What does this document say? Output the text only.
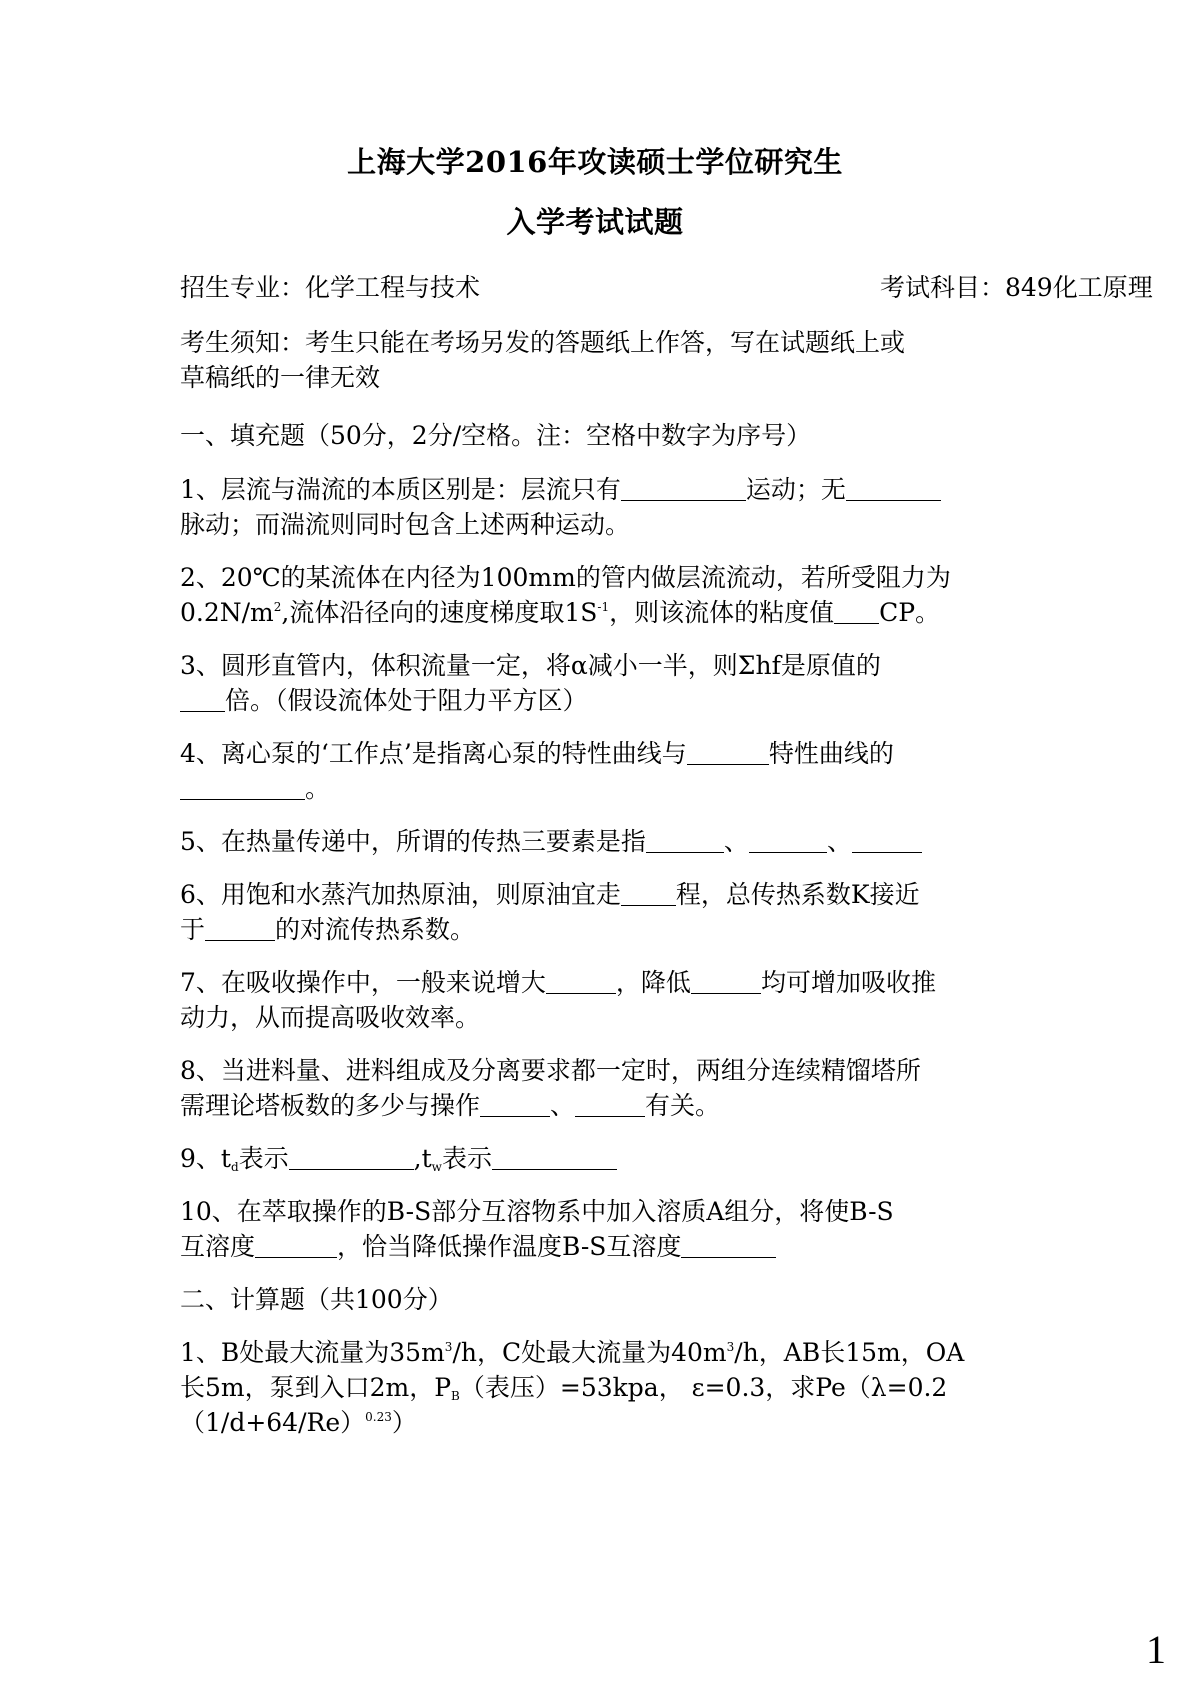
上海大学2016年攻读硕士学位研究生
入学考试试题
招生专业：化学工程与技术	考试科目：849化工原理
考生须知：考生只能在考场另发的答题纸上作答，写在试题纸上或
草稿纸的一律无效
一、填充题（50分，2分/空格。注：空格中数字为序号）
1、层流与湍流的本质区别是：层流只有	运动；无
脉动；而湍流则同时包含上述两种运动。
2、20℃的某流体在内径为100mm的管内做层流流动，若所受阻力为
$0.2N/m^2$,流体沿径向的速度梯度取$1S^{-1}$，则该流体的粘度值 CP。
3、圆形直管内，体积流量一定，将α减小一半，则Σhf是原值的
倍。（假设流体处于阻力平方区）
4、离心泵的‘工作点’是指离心泵的特性曲线与	特性曲线的
。
5、在热量传递中，所谓的传热三要素是指	、	、
6、用饱和水蒸汽加热原油，则原油宜走 程，总传热系数K接近
于	的对流传热系数。
7、在吸收操作中，一般来说增大	，降低	均可增加吸收推
动力，从而提高吸收效率。
8、当进料量、进料组成及分离要求都一定时，两组分连续精馏塔所
需理论塔板数的多少与操作	、	有关。
9、$t_d$表示	$,t_w$表示
10、在萃取操作的B-S部分互溶物系中加入溶质A组分，将使B-S
互溶度	，恰当降低操作温度B-S互溶度
二、计算题（共100分）
1、B处最大流量为$35m^3/h$，C处最大流量为$40m^3/h$，AB长15m，OA
长5m，泵到入口2m，$P_B$（表压）=53kpa， ε=0.3，求Pe（λ=0.2
$(1/d+64/Re)^{0.23}$）
1
